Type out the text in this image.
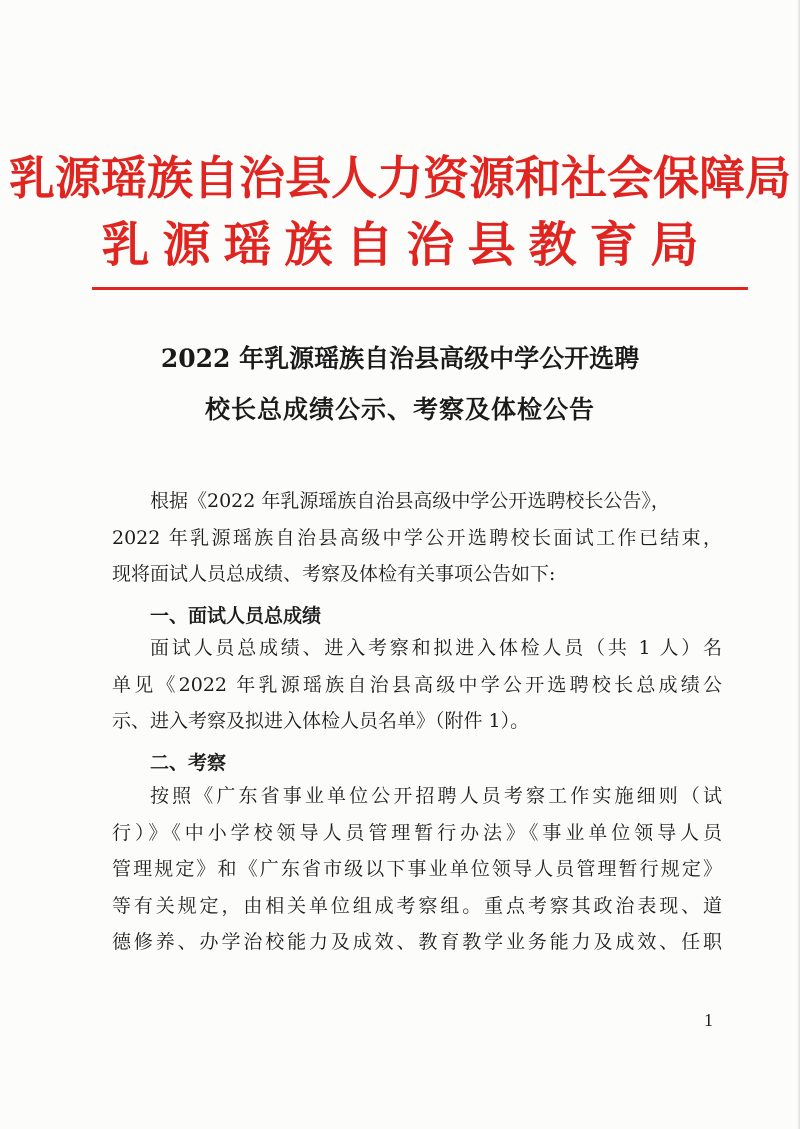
乳源瑶族自治县人力资源和社会保障局
乳源瑶族自治县教育局
2022 年乳源瑶族自治县高级中学公开选聘
校长总成绩公示、考察及体检公告
根据《2022 年乳源瑶族自治县高级中学公开选聘校长公告》，
2022 年乳源瑶族自治县高级中学公开选聘校长面试工作已结束，
现将面试人员总成绩、考察及体检有关事项公告如下:
一、面试人员总成绩
面试人员总成绩、进入考察和拟进入体检人员（共 1 人）名
单见《2022 年乳源瑶族自治县高级中学公开选聘校长总成绩公
示、进入考察及拟进入体检人员名单》（附件 1）。
二、考察
按照《广东省事业单位公开招聘人员考察工作实施细则（试
行）》《中小学校领导人员管理暂行办法》《事业单位领导人员
管理规定》和《广东省市级以下事业单位领导人员管理暂行规定》
等有关规定，由相关单位组成考察组。重点考察其政治表现、道
德修养、办学治校能力及成效、教育教学业务能力及成效、任职
1
